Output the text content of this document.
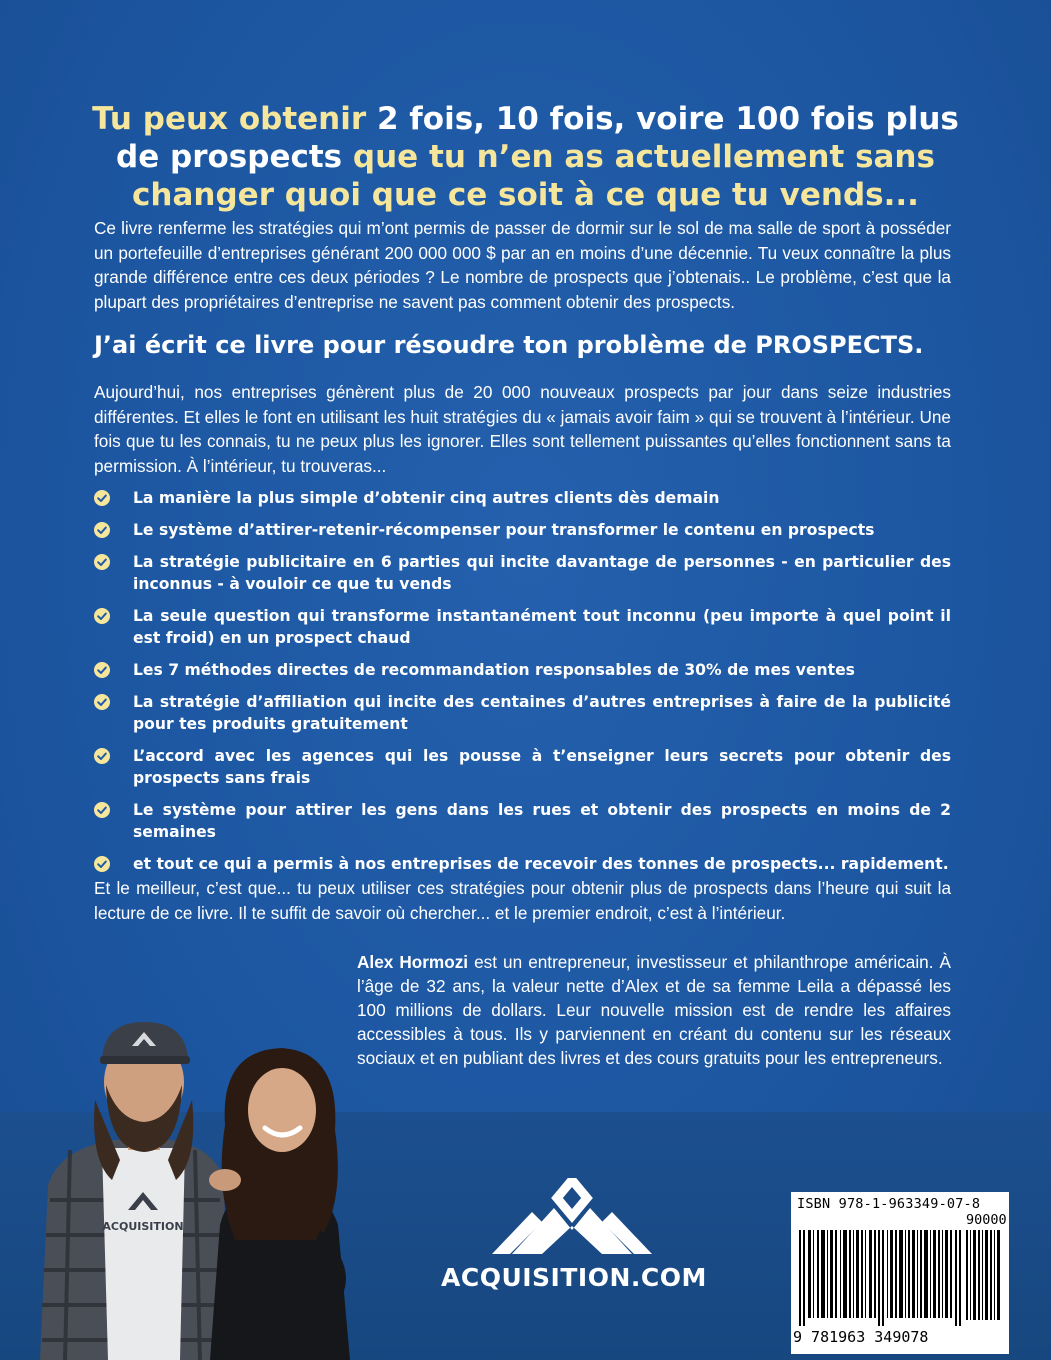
Tu peux obtenir 2 fois, 10 fois, voire 100 fois plus
de prospects que tu n’en as actuellement sans
changer quoi que ce soit à ce que tu vends...

Ce livre renferme les stratégies qui m’ont permis de passer de dormir sur le sol de ma salle de sport à posséder un portefeuille d’entreprises générant 200 000 000 $ par an en moins d’une décennie. Tu veux connaître la plus grande différence entre ces deux périodes ? Le nombre de prospects que j’obtenais.. Le problème, c’est que la plupart des propriétaires d’entreprise ne savent pas comment obtenir des prospects.

J’ai écrit ce livre pour résoudre ton problème de PROSPECTS.

Aujourd’hui, nos entreprises génèrent plus de 20 000 nouveaux prospects par jour dans seize industries différentes. Et elles le font en utilisant les huit stratégies du « jamais avoir faim » qui se trouvent à l’intérieur. Une fois que tu les connais, tu ne peux plus les ignorer. Elles sont tellement puissantes qu’elles fonctionnent sans ta permission. À l’intérieur, tu trouveras...

La manière la plus simple d’obtenir cinq autres clients dès demain
Le système d’attirer-retenir-récompenser pour transformer le contenu en prospects
La stratégie publicitaire en 6 parties qui incite davantage de personnes - en particulier des inconnus - à vouloir ce que tu vends
La seule question qui transforme instantanément tout inconnu (peu importe à quel point il est froid) en un prospect chaud
Les 7 méthodes directes de recommandation responsables de 30% de mes ventes
La stratégie d’affiliation qui incite des centaines d’autres entreprises à faire de la publicité pour tes produits gratuitement
L’accord avec les agences qui les pousse à t’enseigner leurs secrets pour obtenir des prospects sans frais
Le système pour attirer les gens dans les rues et obtenir des prospects en moins de 2 semaines
et tout ce qui a permis à nos entreprises de recevoir des tonnes de prospects... rapidement.

Et le meilleur, c’est que... tu peux utiliser ces stratégies pour obtenir plus de prospects dans l’heure qui suit la lecture de ce livre. Il te suffit de savoir où chercher... et le premier endroit, c’est à l’intérieur.

Alex Hormozi est un entrepreneur, investisseur et philanthrope américain. À l’âge de 32 ans, la valeur nette d’Alex et de sa femme Leila a dépassé les 100 millions de dollars. Leur nouvelle mission est de rendre les affaires accessibles à tous. Ils y parviennent en créant du contenu sur les réseaux sociaux et en publiant des livres et des cours gratuits pour les entrepreneurs.

ACQUISITION
ACQUISITION.COM
ISBN 978-1-963349-07-8
90000
9 781963 349078
